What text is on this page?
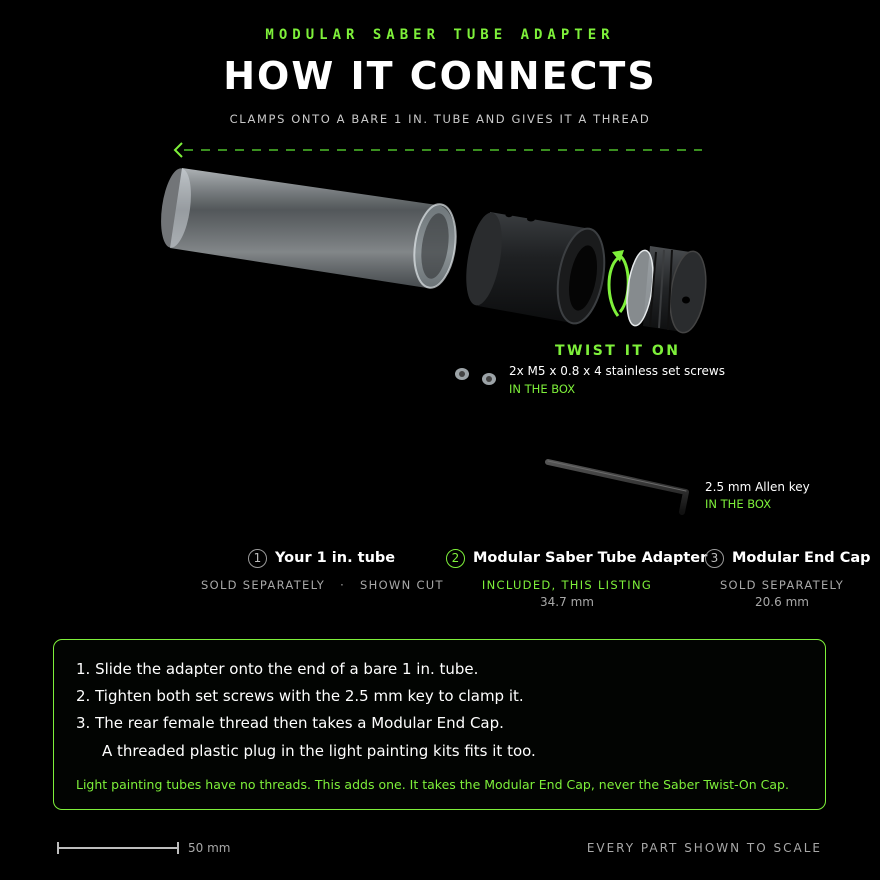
MODULAR SABER TUBE ADAPTER
HOW IT CONNECTS
CLAMPS ONTO A BARE 1 IN. TUBE AND GIVES IT A THREAD
TWIST IT ON
2x M5 x 0.8 x 4 stainless set screws
IN THE BOX
2.5 mm Allen key
IN THE BOX
1 Your 1 in. tube
SOLD SEPARATELY · SHOWN CUT
2 Modular Saber Tube Adapter
INCLUDED, THIS LISTING
34.7 mm
3 Modular End Cap
SOLD SEPARATELY
20.6 mm
1. Slide the adapter onto the end of a bare 1 in. tube.
2. Tighten both set screws with the 2.5 mm key to clamp it.
3. The rear female thread then takes a Modular End Cap.
A threaded plastic plug in the light painting kits fits it too.
Light painting tubes have no threads. This adds one. It takes the Modular End Cap, never the Saber Twist-On Cap.
50 mm	EVERY PART SHOWN TO SCALE
